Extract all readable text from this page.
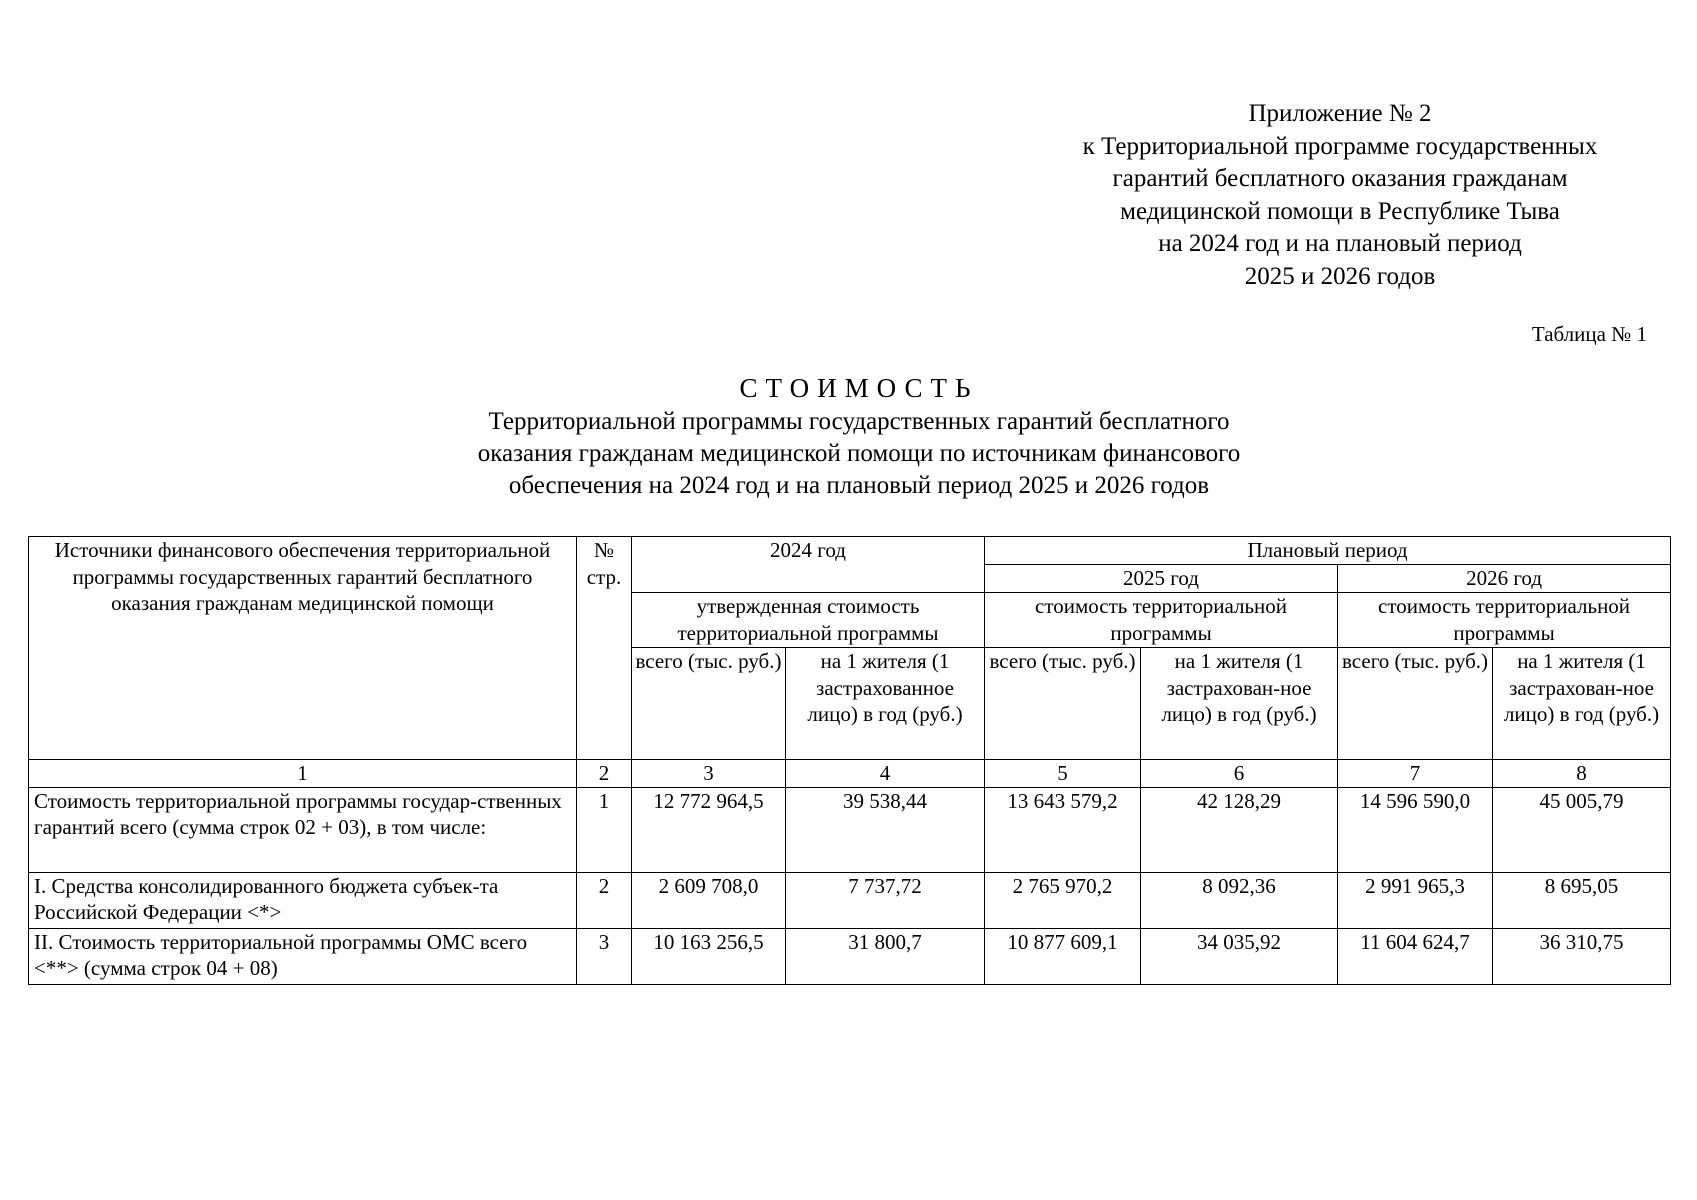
Приложение № 2
к Территориальной программе государственных
гарантий бесплатного оказания гражданам
медицинской помощи в Республике Тыва
на 2024 год и на плановый период
2025 и 2026 годов
Таблица № 1
СТОИМОСТЬ
Территориальной программы государственных гарантий бесплатного
оказания гражданам медицинской помощи по источникам финансового
обеспечения на 2024 год и на плановый период 2025 и 2026 годов
Источники финансового обеспечения территориальной программы государственных гарантий бесплатного оказания гражданам медицинской помощи	№ стр.	2024 год		Плановый период			
				2025 год		2026 год	
		утвержденная стоимость территориальной программы		стоимость территориальной программы		стоимость территориальной программы	
		всего (тыс. руб.)	на 1 жителя (1 застрахованное лицо) в год (руб.)	всего (тыс. руб.)	на 1 жителя (1 застрахован-ное лицо) в год (руб.)	всего (тыс. руб.)	на 1 жителя (1 застрахован-ное лицо) в год (руб.)
1	2	3	4	5	6	7	8
Стоимость территориальной программы государ-ственных гарантий всего (сумма строк 02 + 03), в том числе:	1	12 772 964,5	39 538,44	13 643 579,2	42 128,29	14 596 590,0	45 005,79
I. Средства консолидированного бюджета субъек-та Российской Федерации <*>	2	2 609 708,0	7 737,72	2 765 970,2	8 092,36	2 991 965,3	8 695,05
II. Стоимость территориальной программы ОМС всего <**> (сумма строк 04 + 08)	3	10 163 256,5	31 800,7	10 877 609,1	34 035,92	11 604 624,7	36 310,75
